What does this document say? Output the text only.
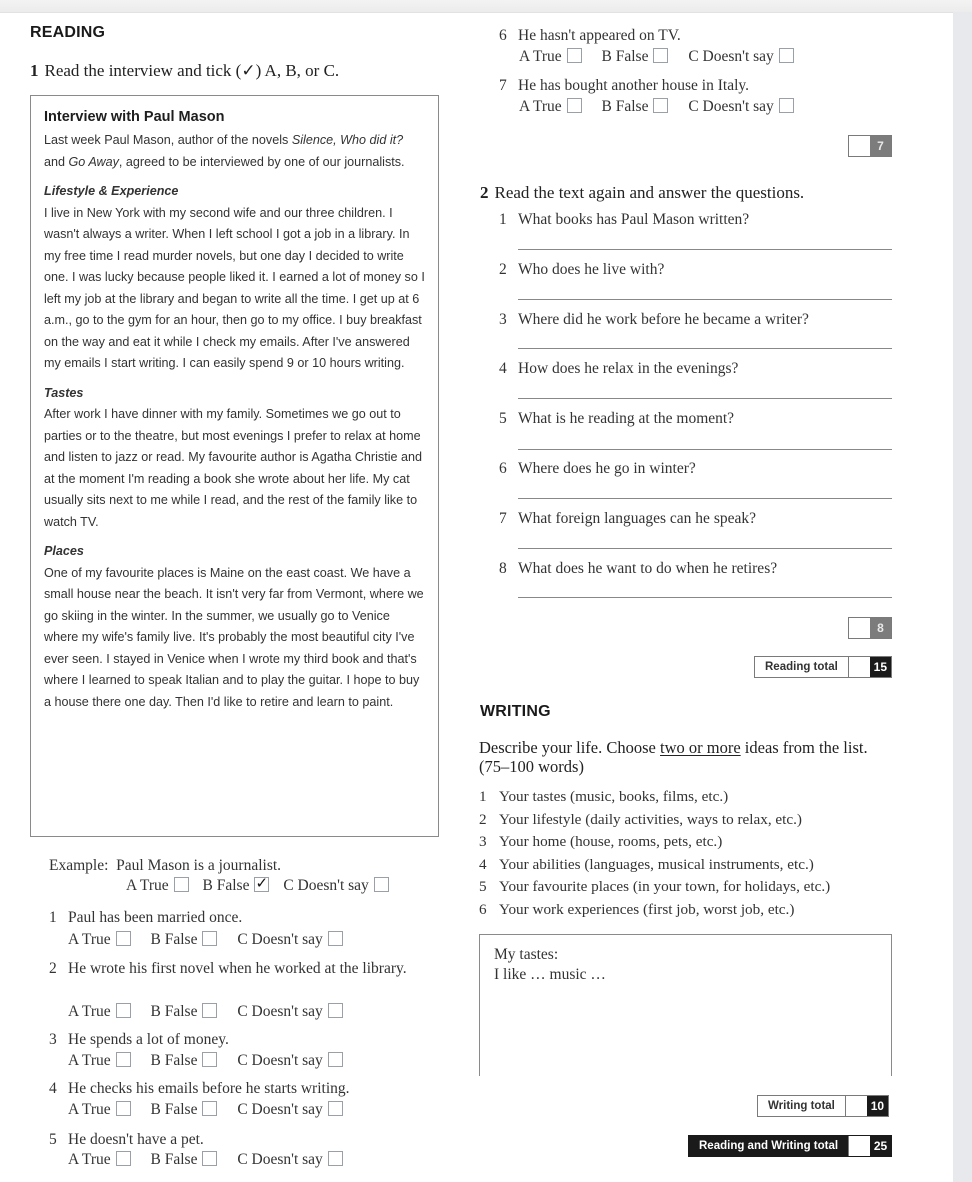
READING
1 Read the interview and tick (✓) A, B, or C.
Interview with Paul Mason

Last week Paul Mason, author of the novels Silence, Who did it? and Go Away, agreed to be interviewed by one of our journalists.

Lifestyle & Experience

I live in New York with my second wife and our three children. I wasn't always a writer. When I left school I got a job in a library. In my free time I read murder novels, but one day I decided to write one. I was lucky because people liked it. I earned a lot of money so I left my job at the library and began to write all the time. I get up at 6 a.m., go to the gym for an hour, then go to my office. I buy breakfast on the way and eat it while I check my emails. After I've answered my emails I start writing. I can easily spend 9 or 10 hours writing.

Tastes

After work I have dinner with my family. Sometimes we go out to parties or to the theatre, but most evenings I prefer to relax at home and listen to jazz or read. My favourite author is Agatha Christie and at the moment I'm reading a book she wrote about her life. My cat usually sits next to me while I read, and the rest of the family like to watch TV.

Places

One of my favourite places is Maine on the east coast. We have a small house near the beach. It isn't very far from Vermont, where we go skiing in the winter. In the summer, we usually go to Venice where my wife's family live. It's probably the most beautiful city I've ever seen. I stayed in Venice when I wrote my third book and that's where I learned to speak Italian and to play the guitar. I hope to buy a house there one day. Then I'd like to retire and learn to paint.

Example: Paul Mason is a journalist.
A True B False ✓ C Doesn't say
1 Paul has been married once.
A True	B False	C Doesn't say
2 He wrote his first novel when he worked at the library.
A True	B False	C Doesn't say
3 He spends a lot of money.
A True	B False	C Doesn't say
4 He checks his emails before he starts writing.
A True	B False	C Doesn't say
5 He doesn't have a pet.
A True	B False	C Doesn't say
6 He hasn't appeared on TV.
A True	B False	C Doesn't say
7 He has bought another house in Italy.
A True	B False	C Doesn't say
7
2 Read the text again and answer the questions.
1 What books has Paul Mason written?
2 Who does he live with?
3 Where did he work before he became a writer?
4 How does he relax in the evenings?
5 What is he reading at the moment?
6 Where does he go in winter?
7 What foreign languages can he speak?
8 What does he want to do when he retires?
8
Reading total	15
WRITING
Describe your life. Choose two or more ideas from the list. (75–100 words)
1 Your tastes (music, books, films, etc.)
2 Your lifestyle (daily activities, ways to relax, etc.)
3 Your home (house, rooms, pets, etc.)
4 Your abilities (languages, musical instruments, etc.)
5 Your favourite places (in your town, for holidays, etc.)
6 Your work experiences (first job, worst job, etc.)
My tastes:
I like … music …
Writing total	10
Reading and Writing total	25
